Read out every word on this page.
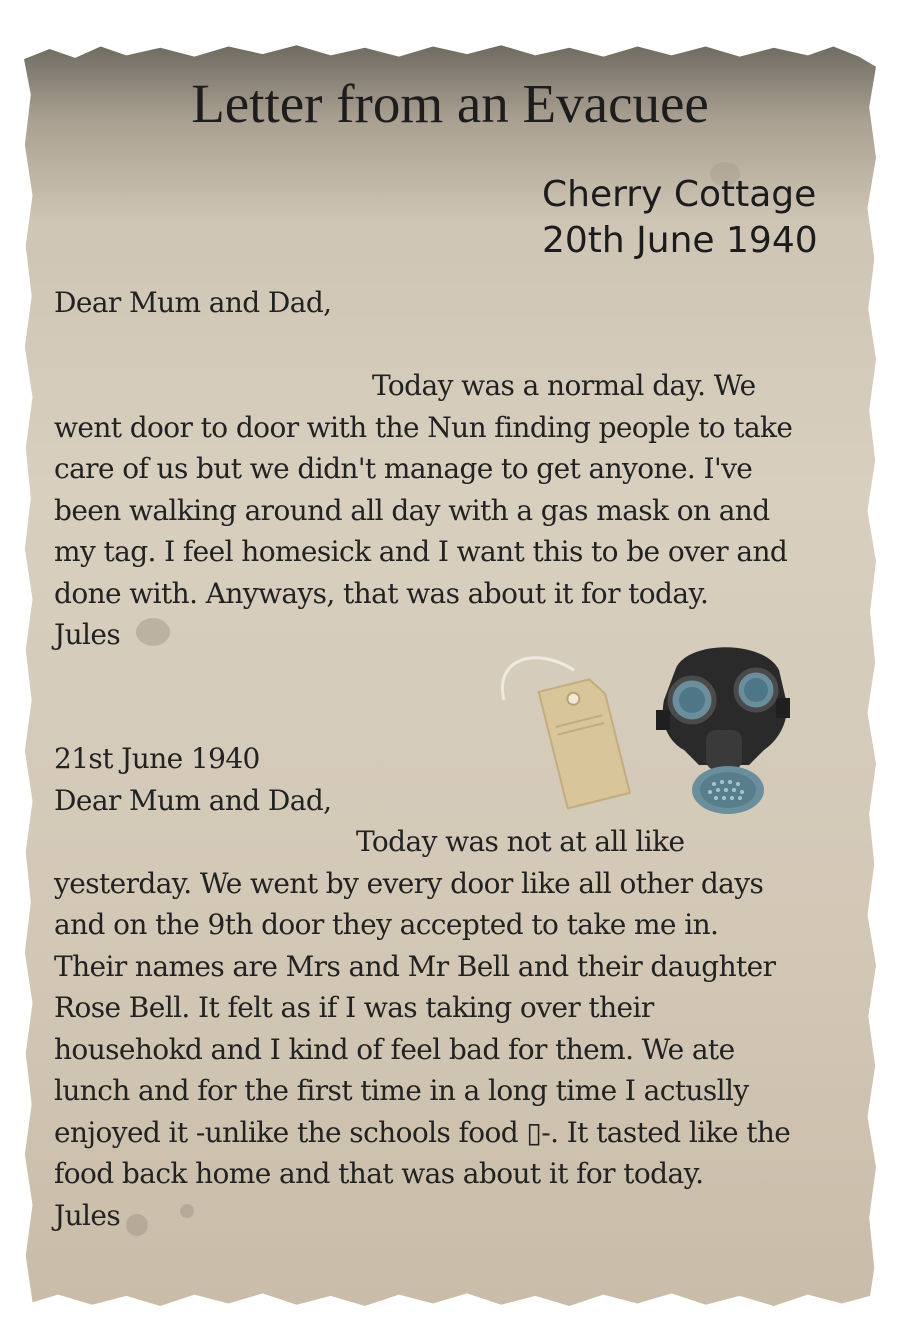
Letter from an Evacuee
Cherry Cottage
20th June 1940
Dear Mum and Dad,

Today was a normal day. We
went door to door with the Nun finding people to take
care of us but we didn't manage to get anyone. I've
been walking around all day with a gas mask on and
my tag. I feel homesick and I want this to be over and
done with. Anyways, that was about it for today.
Jules
21st June 1940
Dear Mum and Dad,
Today was not at all like
yesterday. We went by every door like all other days
and on the 9th door they accepted to take me in.
Their names are Mrs and Mr Bell and their daughter
Rose Bell. It felt as if I was taking over their
househokd and I kind of feel bad for them. We ate
lunch and for the first time in a long time I actuslly
enjoyed it -unlike the schools food ▯-. It tasted like the
food back home and that was about it for today.
Jules
